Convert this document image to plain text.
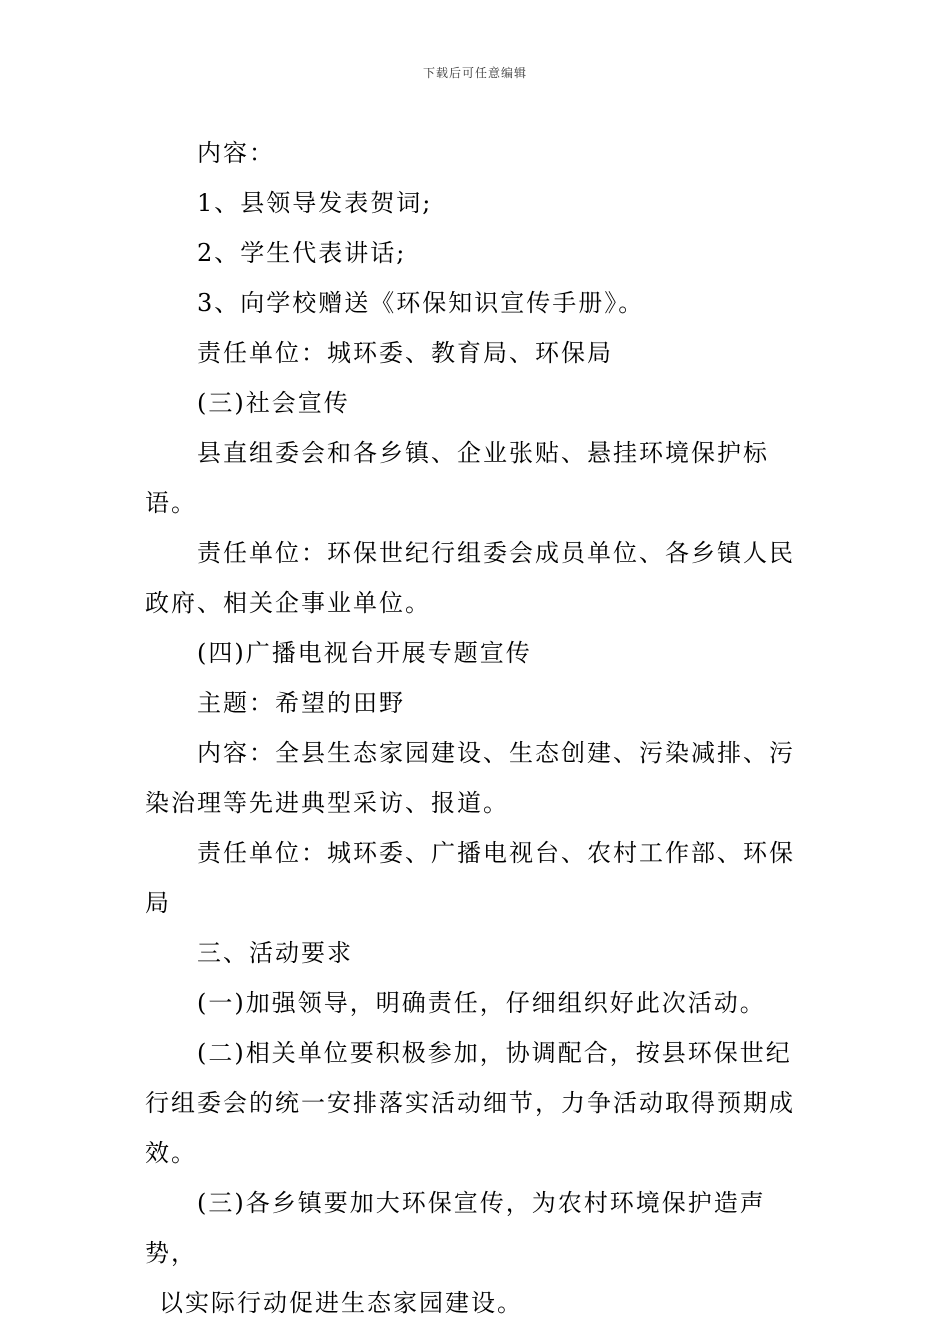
下载后可任意编辑

内容：

1、县领导发表贺词;

2、学生代表讲话;

3、向学校赠送《环保知识宣传手册》。

责任单位：城环委、教育局、环保局

(三)社会宣传

县直组委会和各乡镇、企业张贴、悬挂环境保护标语。

责任单位：环保世纪行组委会成员单位、各乡镇人民政府、相关企事业单位。

(四)广播电视台开展专题宣传

主题：希望的田野

内容：全县生态家园建设、生态创建、污染减排、污染治理等先进典型采访、报道。

责任单位：城环委、广播电视台、农村工作部、环保局

三、活动要求

(一)加强领导，明确责任，仔细组织好此次活动。

(二)相关单位要积极参加，协调配合，按县环保世纪行组委会的统一安排落实活动细节，力争活动取得预期成效。

(三)各乡镇要加大环保宣传，为农村环境保护造声势，

以实际行动促进生态家园建设。
